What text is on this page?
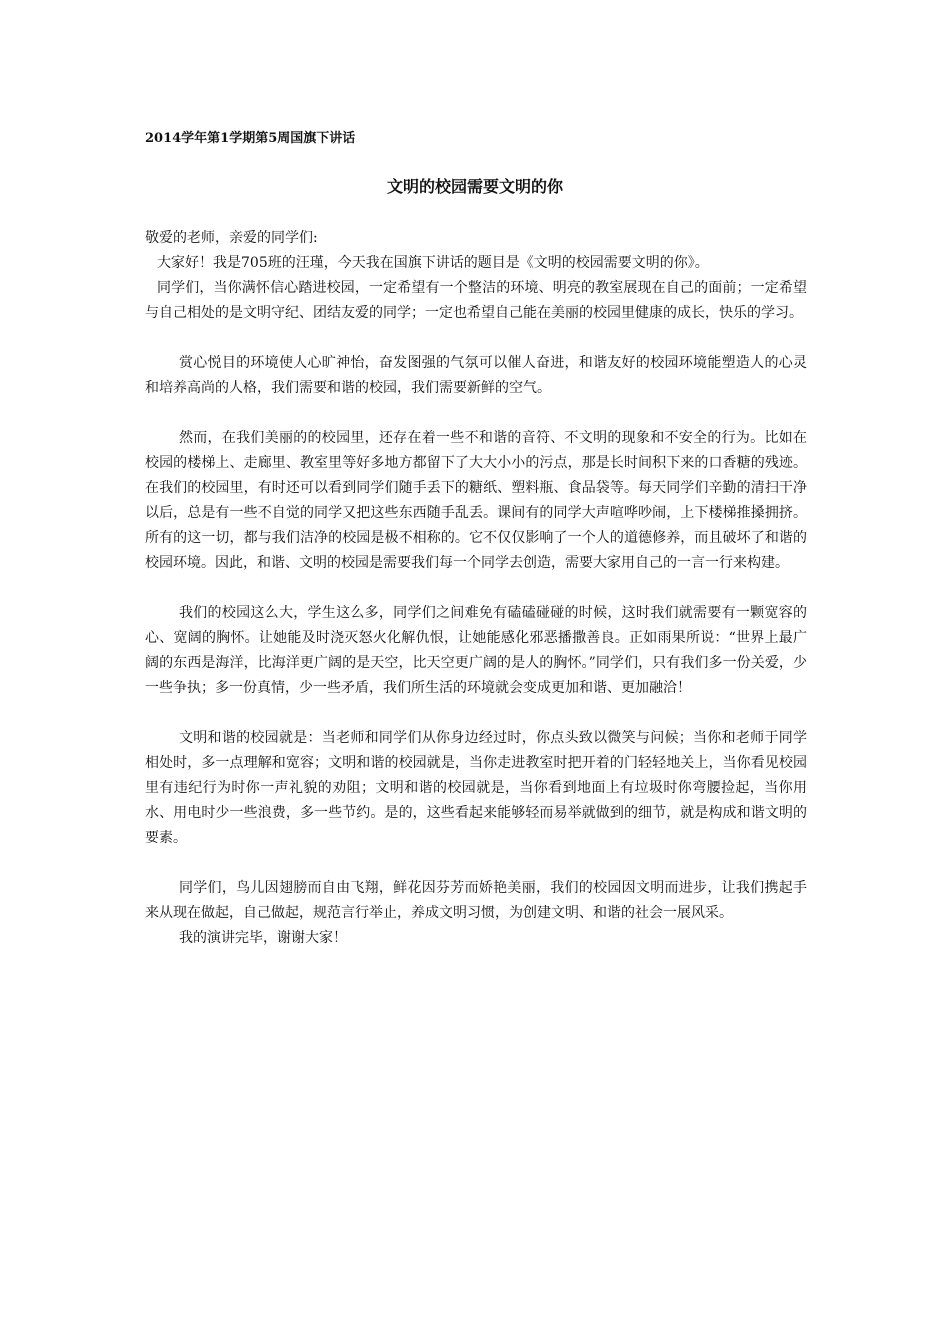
2014学年第1学期第5周国旗下讲话
文明的校园需要文明的你

敬爱的老师，亲爱的同学们:

大家好！我是705班的汪瑾，今天我在国旗下讲话的题目是《文明的校园需要文明的你》。

同学们，当你满怀信心踏进校园，一定希望有一个整洁的环境、明亮的教室展现在自己的面前；一定希望与自己相处的是文明守纪、团结友爱的同学；一定也希望自己能在美丽的校园里健康的成长，快乐的学习。

赏心悦目的环境使人心旷神怡，奋发图强的气氛可以催人奋进，和谐友好的校园环境能塑造人的心灵和培养高尚的人格，我们需要和谐的校园，我们需要新鲜的空气。

然而，在我们美丽的的校园里，还存在着一些不和谐的音符、不文明的现象和不安全的行为。比如在校园的楼梯上、走廊里、教室里等好多地方都留下了大大小小的污点，那是长时间积下来的口香糖的残迹。在我们的校园里，有时还可以看到同学们随手丢下的糖纸、塑料瓶、食品袋等。每天同学们辛勤的清扫干净以后，总是有一些不自觉的同学又把这些东西随手乱丢。课间有的同学大声喧哗吵闹，上下楼梯推搡拥挤。所有的这一切，都与我们洁净的校园是极不相称的。它不仅仅影响了一个人的道德修养，而且破坏了和谐的校园环境。因此，和谐、文明的校园是需要我们每一个同学去创造，需要大家用自己的一言一行来构建。

我们的校园这么大，学生这么多，同学们之间难免有磕磕碰碰的时候，这时我们就需要有一颗宽容的心、宽阔的胸怀。让她能及时浇灭怒火化解仇恨，让她能感化邪恶播撒善良。正如雨果所说：“世界上最广阔的东西是海洋，比海洋更广阔的是天空，比天空更广阔的是人的胸怀。”同学们，只有我们多一份关爱，少一些争执；多一份真情，少一些矛盾，我们所生活的环境就会变成更加和谐、更加融洽！

文明和谐的校园就是：当老师和同学们从你身边经过时，你点头致以微笑与问候；当你和老师于同学相处时，多一点理解和宽容；文明和谐的校园就是，当你走进教室时把开着的门轻轻地关上，当你看见校园里有违纪行为时你一声礼貌的劝阻；文明和谐的校园就是，当你看到地面上有垃圾时你弯腰捡起，当你用水、用电时少一些浪费，多一些节约。是的，这些看起来能够轻而易举就做到的细节，就是构成和谐文明的要素。

同学们，鸟儿因翅膀而自由飞翔，鲜花因芬芳而娇艳美丽，我们的校园因文明而进步，让我们携起手来从现在做起，自己做起，规范言行举止，养成文明习惯，为创建文明、和谐的社会一展风采。

我的演讲完毕，谢谢大家！
